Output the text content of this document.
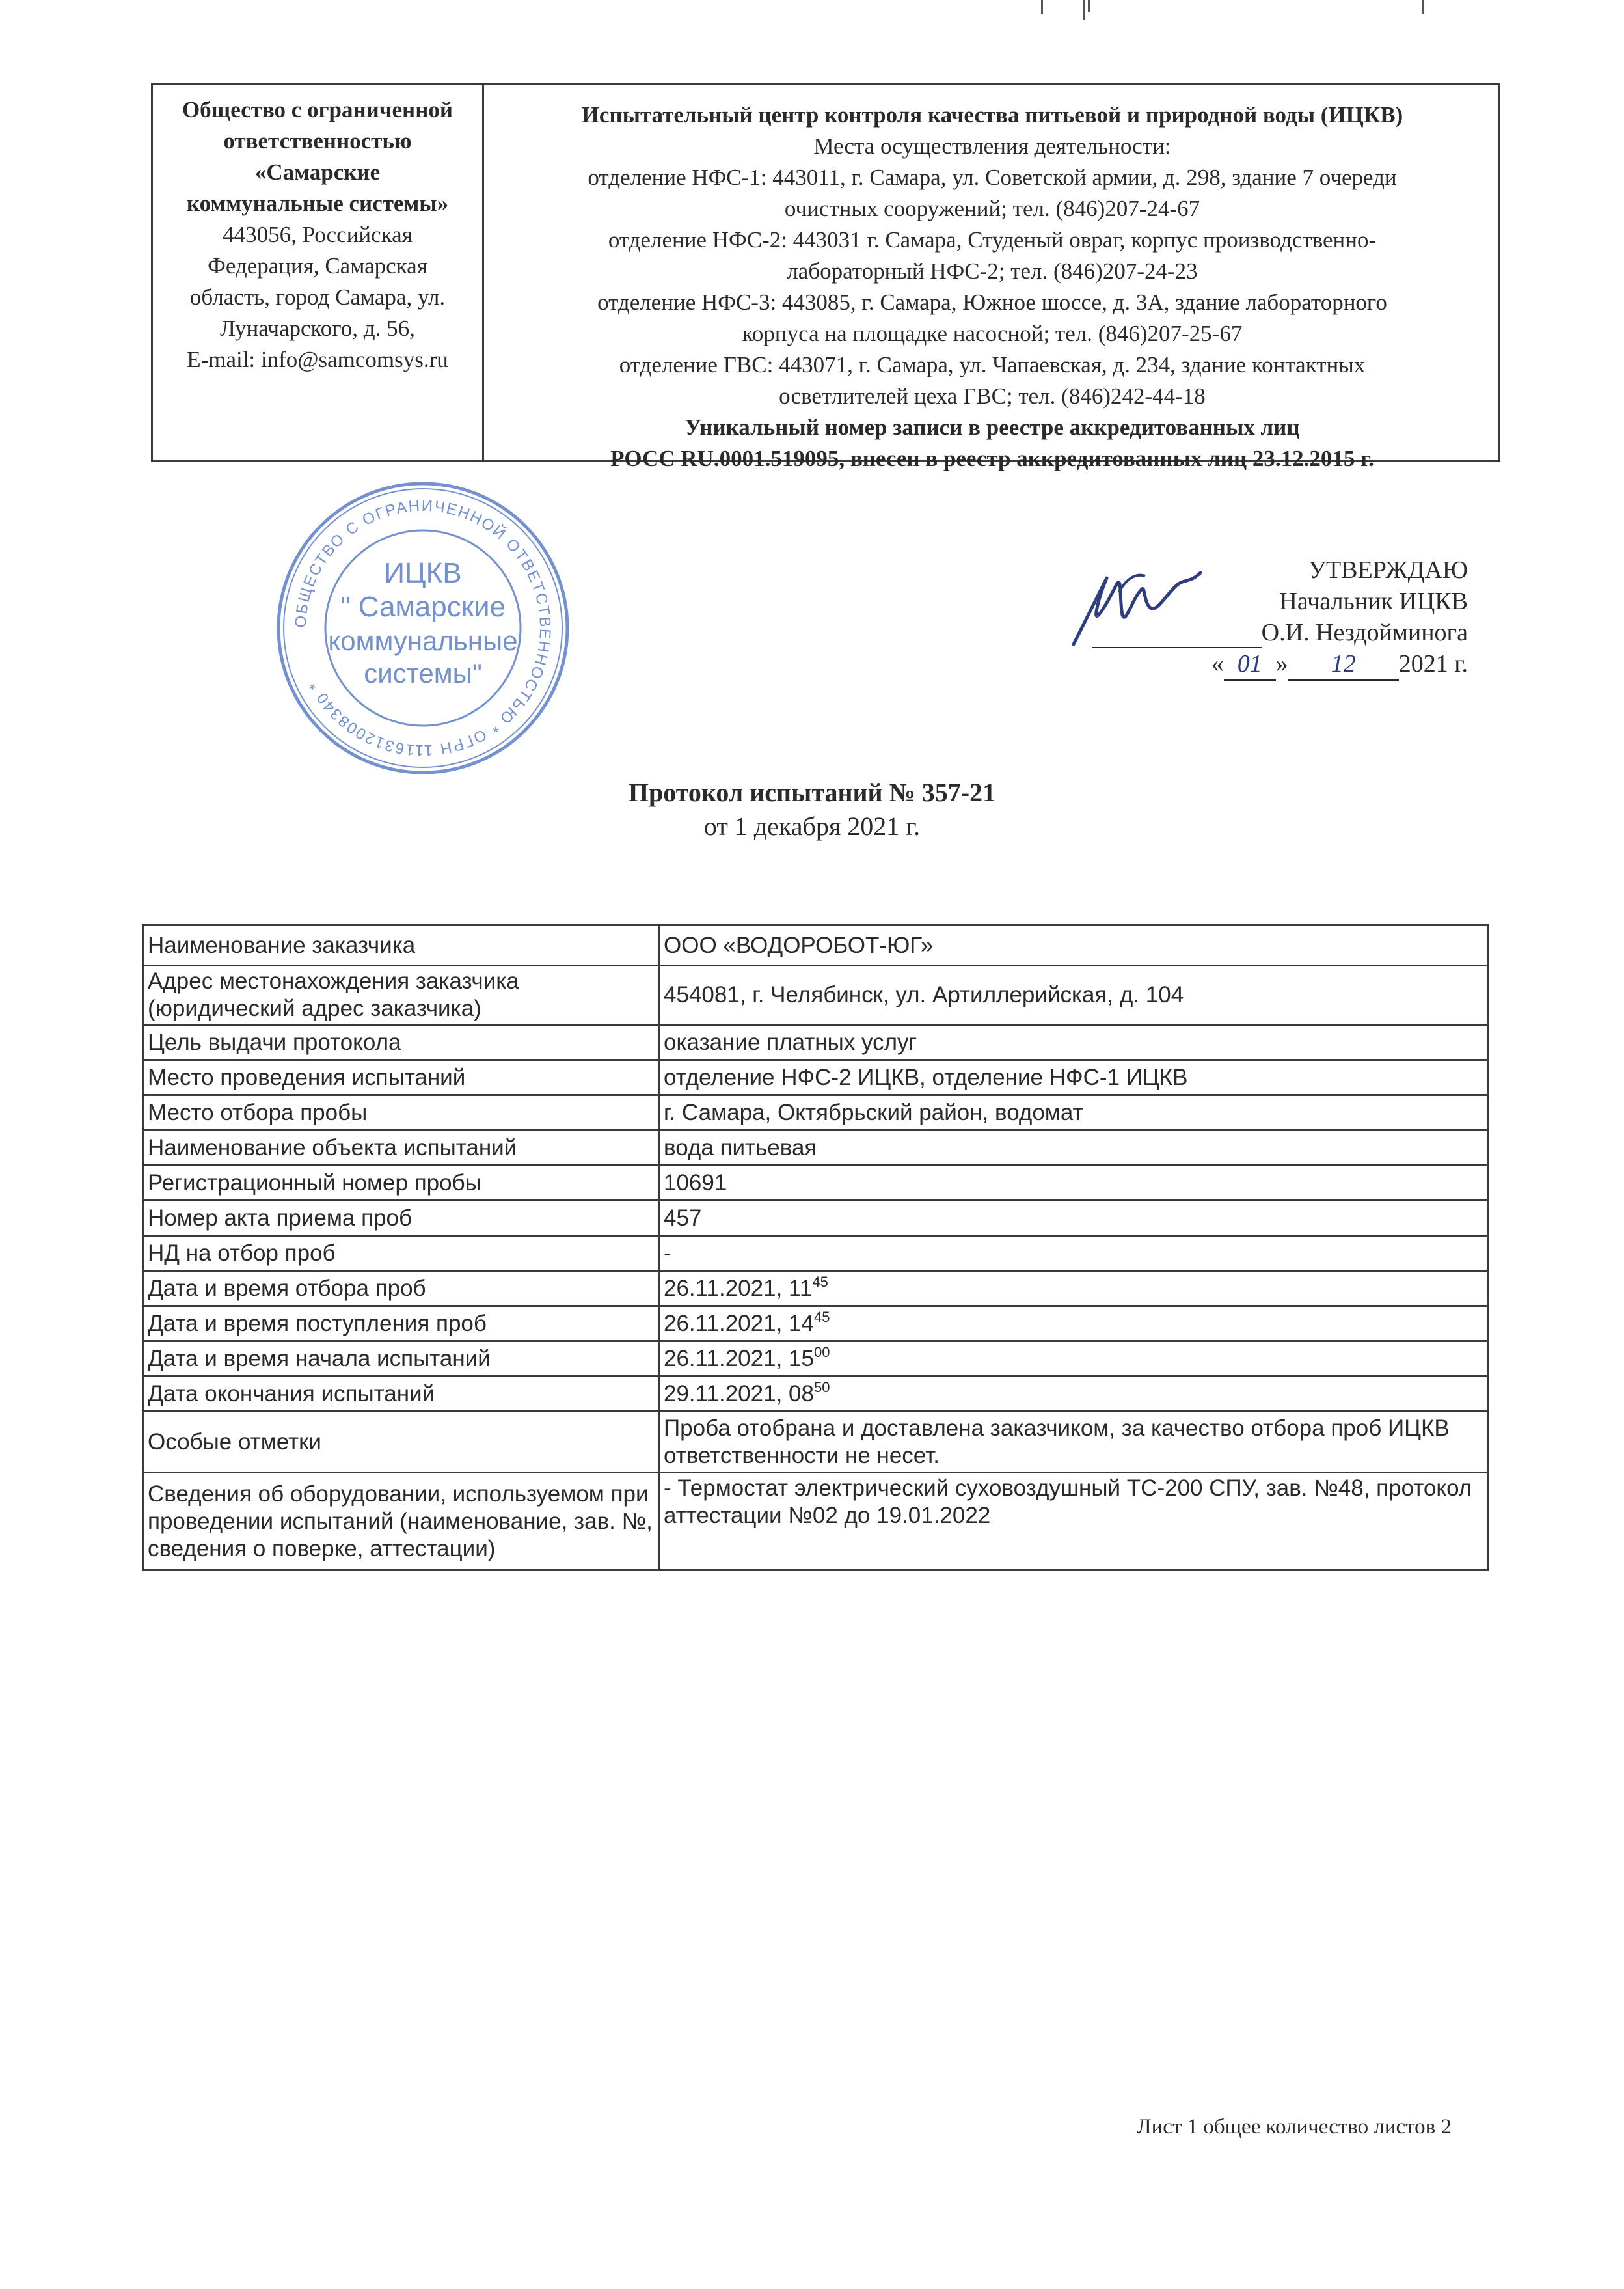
Общество с ограниченной
ответственностью
«Самарские
коммунальные системы»
443056, Российская
Федерация, Самарская
область, город Самара, ул.
Луначарского, д. 56,
E-mail: info@samcomsys.ru
Испытательный центр контроля качества питьевой и природной воды (ИЦКВ)
Места осуществления деятельности:
отделение НФС-1: 443011, г. Самара, ул. Советской армии, д. 298, здание 7 очереди
очистных сооружений; тел. (846)207-24-67
отделение НФС-2: 443031 г. Самара, Студеный овраг, корпус производственно-
лабораторный НФС-2; тел. (846)207-24-23
отделение НФС-3: 443085, г. Самара, Южное шоссе, д. 3А, здание лабораторного
корпуса на площадке насосной; тел. (846)207-25-67
отделение ГВС: 443071, г. Самара, ул. Чапаевская, д. 234, здание контактных
осветлителей цеха ГВС; тел. (846)242-44-18
Уникальный номер записи в реестре аккредитованных лиц
РОСС RU.0001.519095, внесен в реестр аккредитованных лиц 23.12.2015 г.
ОБЩЕСТВО С ОГРАНИЧЕННОЙ ОТВЕТСТВЕННОСТЬЮ * ОГРН 1116312008340 *
ИЦКВ
" Самарские
коммунальные
системы"
УТВЕРЖДАЮ
Начальник ИЦКВ
О.И. Нездойминога
« 01 » 12 2021 г.
Протокол испытаний № 357-21
от 1 декабря 2021 г.
Наименование заказчика	ООО «ВОДОРОБОТ-ЮГ»
Адрес местонахождения заказчика (юридический адрес заказчика)	454081, г. Челябинск, ул. Артиллерийская, д. 104
Цель выдачи протокола	оказание платных услуг
Место проведения испытаний	отделение НФС-2 ИЦКВ, отделение НФС-1 ИЦКВ
Место отбора пробы	г. Самара, Октябрьский район, водомат
Наименование объекта испытаний	вода питьевая
Регистрационный номер пробы	10691
Номер акта приема проб	457
НД на отбор проб	-
Дата и время отбора проб	26.11.2021, $11^{45}$
Дата и время поступления проб	26.11.2021, $14^{45}$
Дата и время начала испытаний	26.11.2021, $15^{00}$
Дата окончания испытаний	29.11.2021, $08^{50}$
Особые отметки	Проба отобрана и доставлена заказчиком, за качество отбора проб ИЦКВ ответственности не несет.
Сведения об оборудовании, используемом при проведении испытаний (наименование, зав. №, сведения о поверке, аттестации)	- Термостат электрический суховоздушный ТС-200 СПУ, зав. №48, протокол аттестации №02 до 19.01.2022
Лист 1 общее количество листов 2
